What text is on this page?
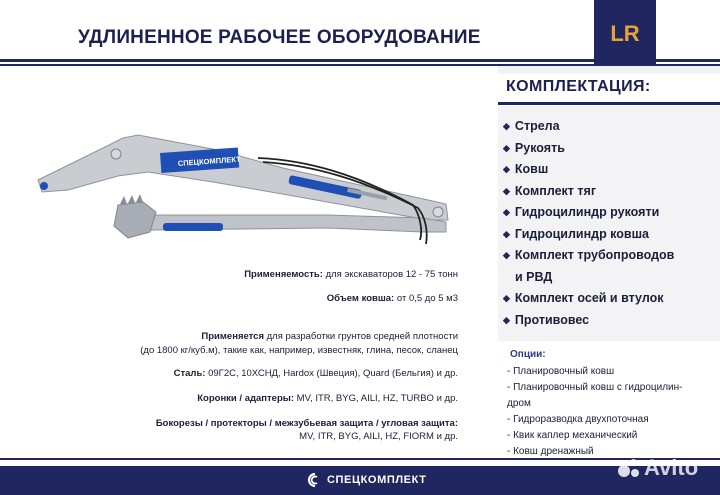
УДЛИНЕННОЕ РАБОЧЕЕ ОБОРУДОВАНИЕ	LR
КОМПЛЕКТАЦИЯ:
◆ Стрела
◆ Рукоять
◆ Ковш
◆ Комплект тяг
◆ Гидроцилиндр рукояти
◆ Гидроцилиндр ковша
◆ Комплект трубопроводов
и РВД
◆ Комплект осей и втулок
◆ Противовес
Опции:
- Планировочный ковш
- Планировочный ковш с гидроцилин-
дром
- Гидроразводка двухпоточная
- Квик каплер механический
- Ковш дренажный
СПЕЦКОМПЛЕКТ
Применяемость: для экскаваторов 12 - 75 тонн
Объем ковша: от 0,5 до 5 м3
Применяется для разработки грунтов средней плотности
(до 1800 кг/куб.м), такие как, например, известняк, глина, песок, сланец
Сталь: 09Г2С, 10ХСНД, Hardox (Швеция), Quard (Бельгия) и др.
Коронки / адаптеры: MV, ITR, BYG, AILI, HZ, TURBO и др.
Бокорезы / протекторы / межзубьевая защита / угловая защита:
MV, ITR, BYG, AILI, HZ, FIORM и др.
СПЕЦКОМПЛЕКТ	Avito
